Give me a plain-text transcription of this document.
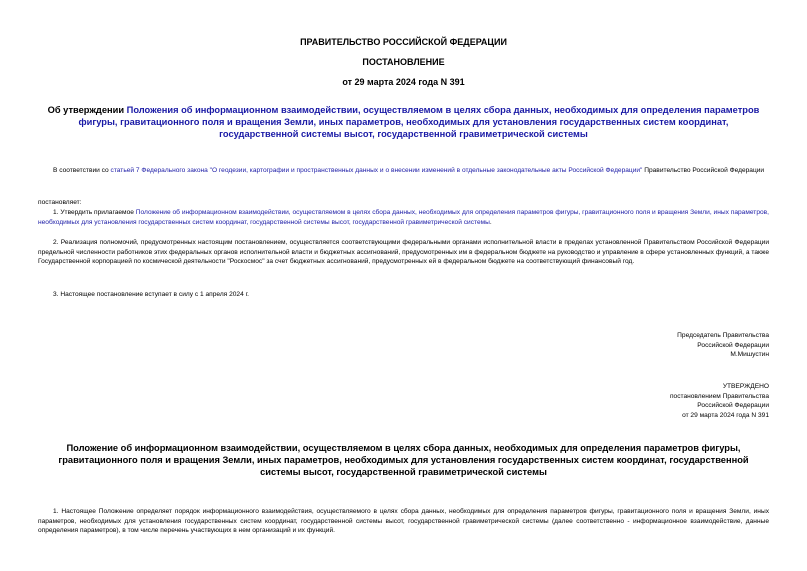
ПРАВИТЕЛЬСТВО РОССИЙСКОЙ ФЕДЕРАЦИИ
ПОСТАНОВЛЕНИЕ
от 29 марта 2024 года N 391
Об утверждении Положения об информационном взаимодействии, осуществляемом в целях сбора данных, необходимых для определения параметров фигуры, гравитационного поля и вращения Земли, иных параметров, необходимых для установления государственных систем координат, государственной системы высот, государственной гравиметрической системы
В соответствии со статьей 7 Федерального закона "О геодезии, картографии и пространственных данных и о внесении изменений в отдельные законодательные акты Российской Федерации" Правительство Российской Федерации
постановляет:
1. Утвердить прилагаемое Положение об информационном взаимодействии, осуществляемом в целях сбора данных, необходимых для определения параметров фигуры, гравитационного поля и вращения Земли, иных параметров, необходимых для установления государственных систем координат, государственной системы высот, государственной гравиметрической системы.
2. Реализация полномочий, предусмотренных настоящим постановлением, осуществляется соответствующими федеральными органами исполнительной власти в пределах установленной Правительством Российской Федерации предельной численности работников этих федеральных органов исполнительной власти и бюджетных ассигнований, предусмотренных им в федеральном бюджете на руководство и управление в сфере установленных функций, а также Государственной корпорацией по космической деятельности "Роскосмос" за счет бюджетных ассигнований, предусмотренных ей в федеральном бюджете на соответствующий финансовый год.
3. Настоящее постановление вступает в силу с 1 апреля 2024 г.
Председатель Правительства
Российской Федерации
М.Мишустин
УТВЕРЖДЕНО
постановлением Правительства
Российской Федерации
от 29 марта 2024 года N 391
Положение об информационном взаимодействии, осуществляемом в целях сбора данных, необходимых для определения параметров фигуры, гравитационного поля и вращения Земли, иных параметров, необходимых для установления государственных систем координат, государственной системы высот, государственной гравиметрической системы
1. Настоящее Положение определяет порядок информационного взаимодействия, осуществляемого в целях сбора данных, необходимых для определения параметров фигуры, гравитационного поля и вращения Земли, иных параметров, необходимых для установления государственных систем координат, государственной системы высот, государственной гравиметрической системы (далее соответственно - информационное взаимодействие, данные определения параметров), в том числе перечень участвующих в нем организаций и их функций.
